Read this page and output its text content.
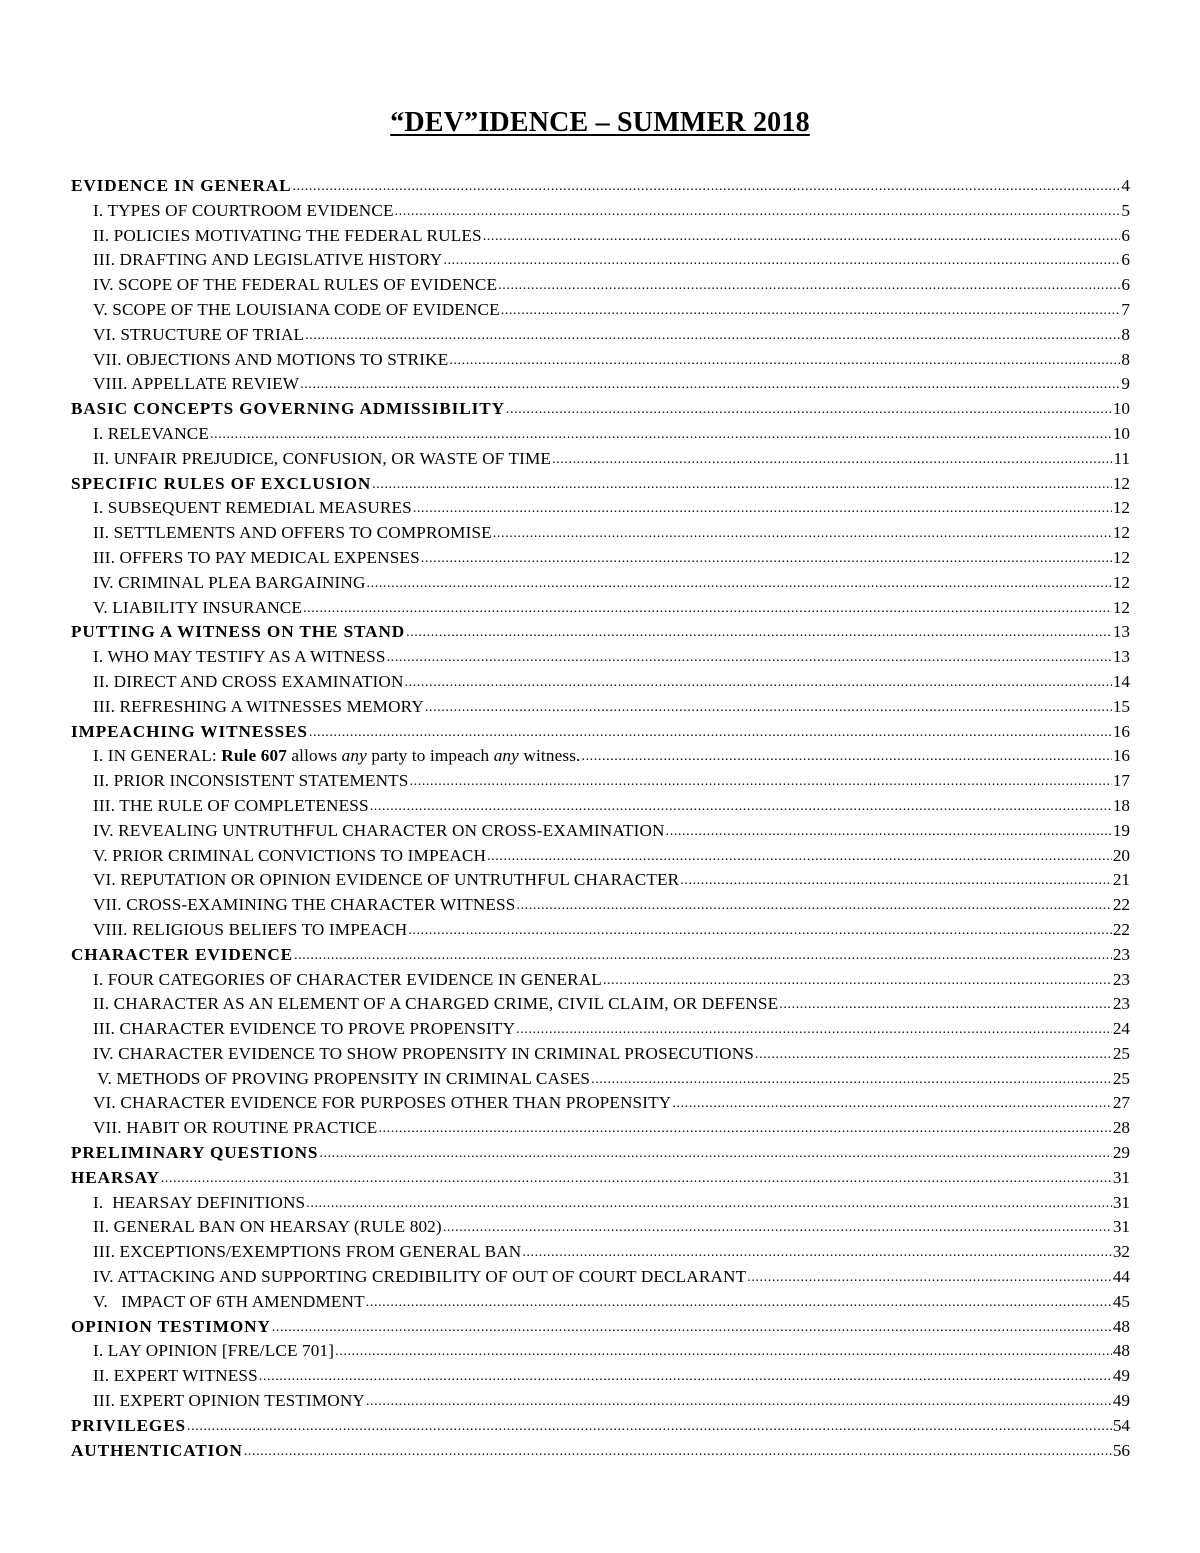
“DEV”IDENCE – SUMMER 2018
EVIDENCE IN GENERAL .....	4
I. TYPES OF COURTROOM EVIDENCE .....	5
II. POLICIES MOTIVATING THE FEDERAL RULES .....	6
III. DRAFTING AND LEGISLATIVE HISTORY .....	6
IV. SCOPE OF THE FEDERAL RULES OF EVIDENCE .....	6
V. SCOPE OF THE LOUISIANA CODE OF EVIDENCE .....	7
VI. STRUCTURE OF TRIAL .....	8
VII. OBJECTIONS AND MOTIONS TO STRIKE .....	8
VIII. APPELLATE REVIEW .....	9
BASIC CONCEPTS GOVERNING ADMISSIBILITY .....	10
I. RELEVANCE .....	10
II. UNFAIR PREJUDICE, CONFUSION, OR WASTE OF TIME .....	11
SPECIFIC RULES OF EXCLUSION .....	12
I. SUBSEQUENT REMEDIAL MEASURES .....	12
II. SETTLEMENTS AND OFFERS TO COMPROMISE .....	12
III. OFFERS TO PAY MEDICAL EXPENSES .....	12
IV. CRIMINAL PLEA BARGAINING .....	12
V. LIABILITY INSURANCE .....	12
PUTTING A WITNESS ON THE STAND .....	13
I. WHO MAY TESTIFY AS A WITNESS .....	13
II. DIRECT AND CROSS EXAMINATION .....	14
III. REFRESHING A WITNESSES MEMORY .....	15
IMPEACHING WITNESSES .....	16
I. IN GENERAL: Rule 607 allows any party to impeach any witness. .....	16
II. PRIOR INCONSISTENT STATEMENTS .....	17
III. THE RULE OF COMPLETENESS .....	18
IV. REVEALING UNTRUTHFUL CHARACTER ON CROSS-EXAMINATION .....	19
V. PRIOR CRIMINAL CONVICTIONS TO IMPEACH .....	20
VI. REPUTATION OR OPINION EVIDENCE OF UNTRUTHFUL CHARACTER .....	21
VII. CROSS-EXAMINING THE CHARACTER WITNESS .....	22
VIII. RELIGIOUS BELIEFS TO IMPEACH .....	22
CHARACTER EVIDENCE .....	23
I. FOUR CATEGORIES OF CHARACTER EVIDENCE IN GENERAL .....	23
II. CHARACTER AS AN ELEMENT OF A CHARGED CRIME, CIVIL CLAIM, OR DEFENSE .....	23
III. CHARACTER EVIDENCE TO PROVE PROPENSITY .....	24
IV. CHARACTER EVIDENCE TO SHOW PROPENSITY IN CRIMINAL PROSECUTIONS .....	25
V. METHODS OF PROVING PROPENSITY IN CRIMINAL CASES .....	25
VI. CHARACTER EVIDENCE FOR PURPOSES OTHER THAN PROPENSITY .....	27
VII. HABIT OR ROUTINE PRACTICE .....	28
PRELIMINARY QUESTIONS .....	29
HEARSAY .....	31
I.  HEARSAY DEFINITIONS .....	31
II. GENERAL BAN ON HEARSAY (RULE 802) .....	31
III. EXCEPTIONS/EXEMPTIONS FROM GENERAL BAN .....	32
IV. ATTACKING AND SUPPORTING CREDIBILITY OF OUT OF COURT DECLARANT .....	44
V.   IMPACT OF 6TH AMENDMENT .....	45
OPINION TESTIMONY .....	48
I. LAY OPINION [FRE/LCE 701] .....	48
II. EXPERT WITNESS .....	49
III. EXPERT OPINION TESTIMONY .....	49
PRIVILEGES .....	54
AUTHENTICATION .....	56
